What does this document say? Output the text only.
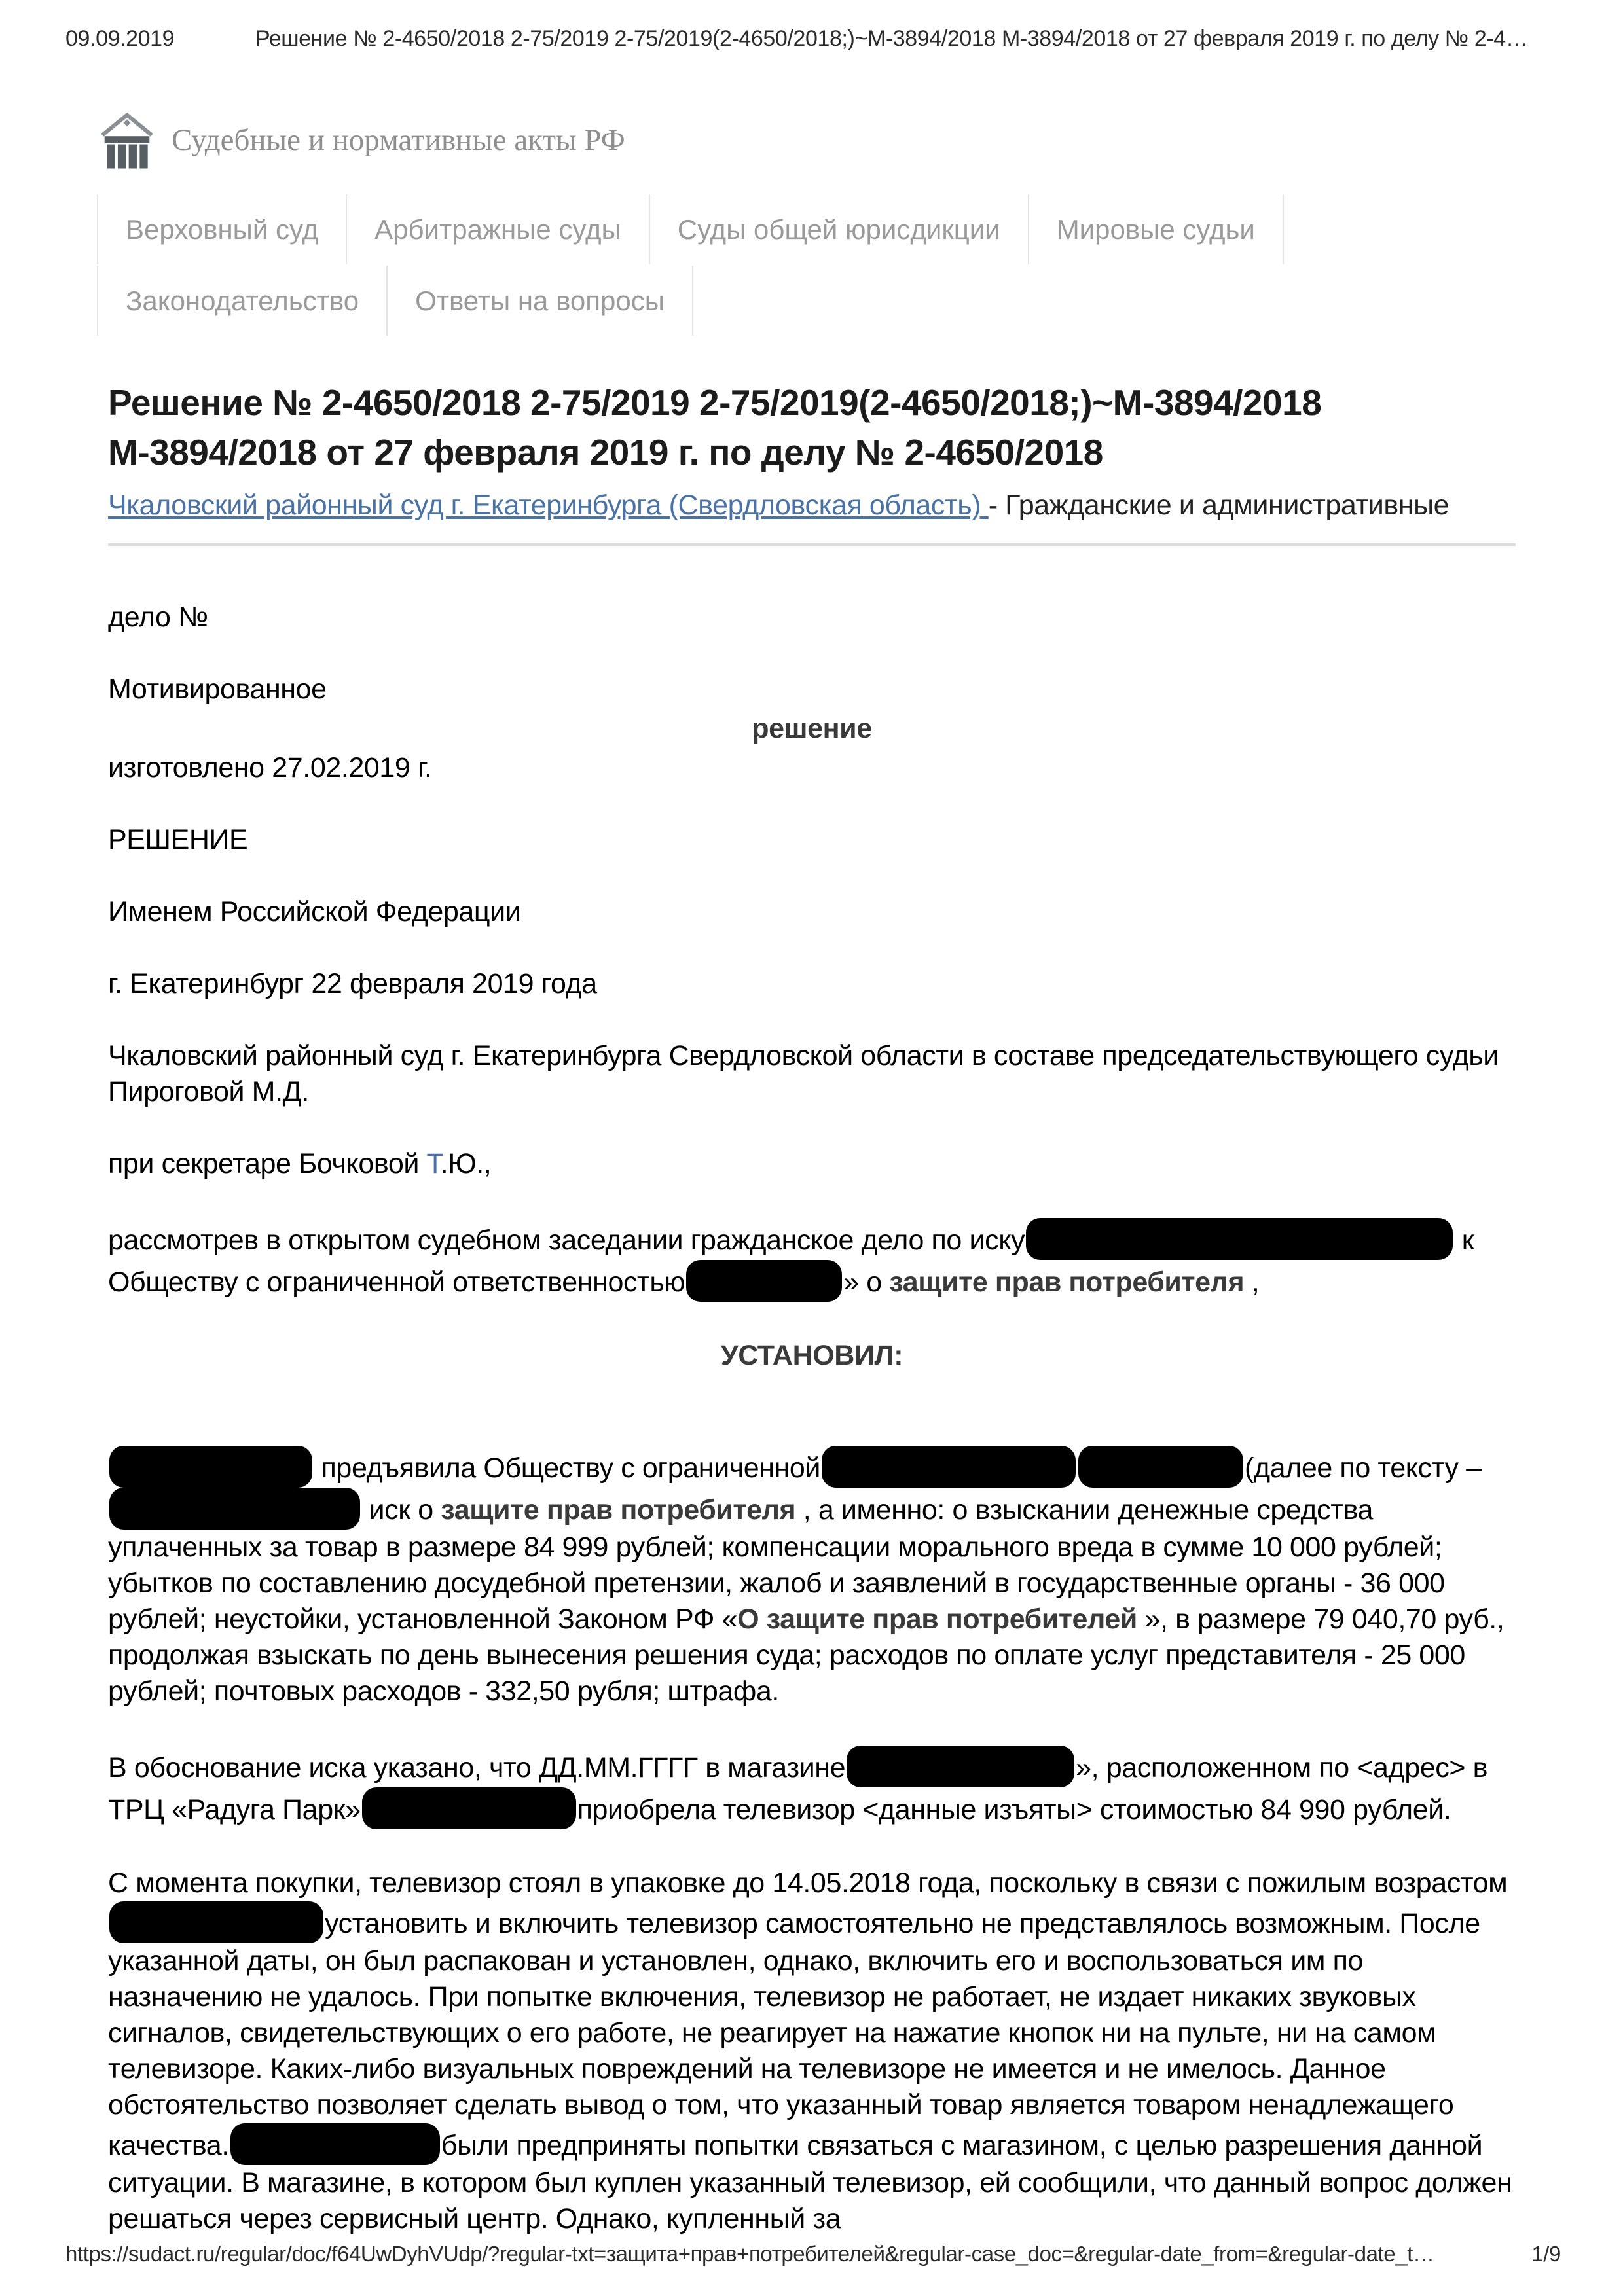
09.09.2019	Решение № 2-4650/2018 2-75/2019 2-75/2019(2-4650/2018;)~М-3894/2018 М-3894/2018 от 27 февраля 2019 г. по делу № 2-4…
Судебные и нормативные акты РФ
Верховный суд	Арбитражные суды	Суды общей юрисдикции	Мировые судьи
Законодательство	Ответы на вопросы
Решение № 2-4650/2018 2-75/2019 2-75/2019(2-4650/2018;)~М-3894/2018 М-3894/2018 от 27 февраля 2019 г. по делу № 2-4650/2018
Чкаловский районный суд г. Екатеринбурга (Свердловская область) - Гражданские и административные
дело №
Мотивированное
решение
изготовлено 27.02.2019 г.
РЕШЕНИЕ
Именем Российской Федерации
г. Екатеринбург 22 февраля 2019 года
Чкаловский районный суд г. Екатеринбурга Свердловской области в составе председательствующего судьи Пироговой М.Д.
при секретаре Бочковой Т.Ю.,
рассмотрев в открытом судебном заседании гражданское дело по иску	к Обществу с ограниченной ответственностью	» о защите прав потребителя ,
УСТАНОВИЛ:
предъявила Обществу с ограниченной	(далее по тексту –  иск о защите прав потребителя , а именно: о взыскании денежные средства уплаченных за товар в размере 84 999 рублей; компенсации морального вреда в сумме 10 000 рублей; убытков по составлению досудебной претензии, жалоб и заявлений в государственные органы - 36 000 рублей; неустойки, установленной Законом РФ «О защите прав потребителей », в размере 79 040,70 руб., продолжая взыскать по день вынесения решения суда; расходов по оплате услуг представителя - 25 000 рублей; почтовых расходов - 332,50 рубля; штрафа.
В обоснование иска указано, что ДД.ММ.ГГГГ в магазине	», расположенном по <адрес> в ТРЦ «Радуга Парк»	приобрела телевизор <данные изъяты> стоимостью 84 990 рублей.
С момента покупки, телевизор стоял в упаковке до 14.05.2018 года, поскольку в связи с пожилым возрастомустановить и включить телевизор самостоятельно не представлялось возможным. После указанной даты, он был распакован и установлен, однако, включить его и воспользоваться им по назначению не удалось. При попытке включения, телевизор не работает, не издает никаких звуковых сигналов, свидетельствующих о его работе, не реагирует на нажатие кнопок ни на пульте, ни на самом телевизоре. Каких-либо визуальных повреждений на телевизоре не имеется и не имелось. Данное обстоятельство позволяет сделать вывод о том, что указанный товар является товаром ненадлежащего качества.	были предприняты попытки связаться с магазином, с целью разрешения данной ситуации. В магазине, в котором был куплен указанный телевизор, ей сообщили, что данный вопрос должен решаться через сервисный центр. Однако, купленный за
https://sudact.ru/regular/doc/f64UwDyhVUdp/?regular-txt=защита+прав+потребителей&regular-case_doc=&regular-date_from=&regular-date_t…	1/9
